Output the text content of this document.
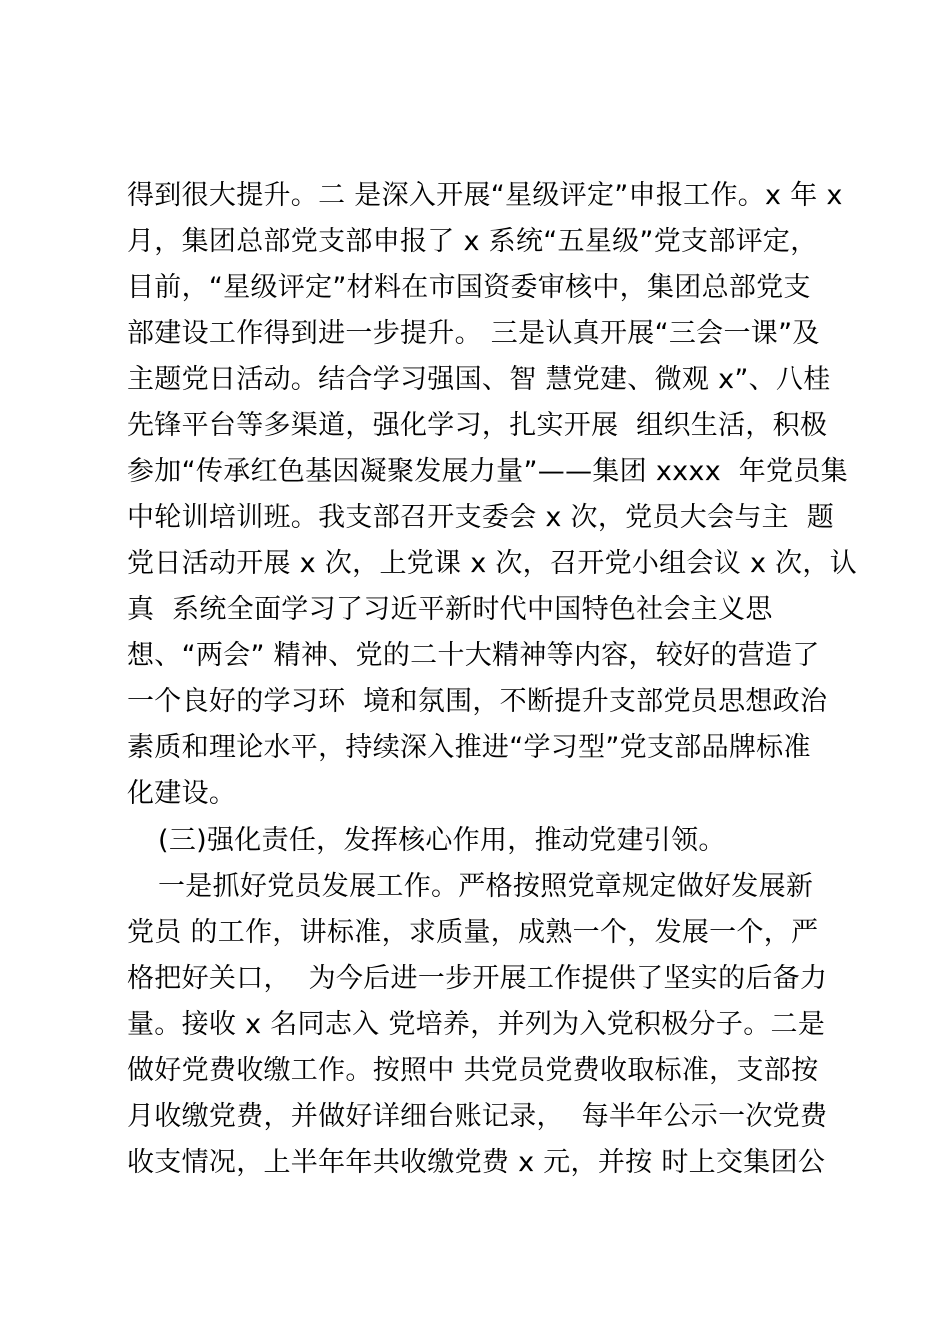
得到很大提升。二 是深入开展“星级评定”申报工作。x 年 x
月，集团总部党支部申报了 x 系统“五星级”党支部评定，
目前，“星级评定”材料在市国资委审核中，集团总部党支
部建设工作得到进一步提升。 三是认真开展“三会一课”及
主题党日活动。结合学习强国、智 慧党建、微观 x”、八桂
先锋平台等多渠道，强化学习，扎实开展  组织生活，积极
参加“传承红色基因凝聚发展力量”——集团 xxxx  年党员集
中轮训培训班。我支部召开支委会 x 次，党员大会与主  题
党日活动开展 x 次，上党课 x 次，召开党小组会议 x 次，认
真  系统全面学习了习近平新时代中国特色社会主义思
想、“两会” 精神、党的二十大精神等内容，较好的营造了
一个良好的学习环  境和氛围，不断提升支部党员思想政治
素质和理论水平，持续深入推进“学习型”党支部品牌标准
化建设。
(三)强化责任，发挥核心作用，推动党建引领。
一是抓好党员发展工作。严格按照党章规定做好发展新
党员 的工作，讲标准，求质量，成熟一个，发展一个，严
格把好关口，  为今后进一步开展工作提供了坚实的后备力
量。接收 x 名同志入 党培养，并列为入党积极分子。二是
做好党费收缴工作。按照中 共党员党费收取标准，支部按
月收缴党费，并做好详细台账记录，  每半年公示一次党费
收支情况，上半年年共收缴党费 x 元，并按 时上交集团公
